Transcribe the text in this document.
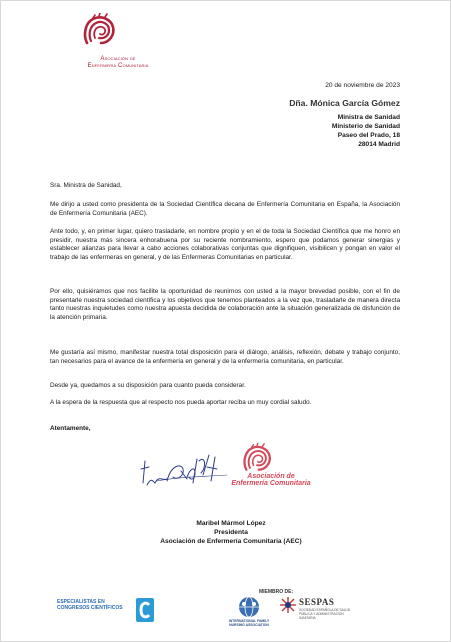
Asociación de
Enfermería Comunitaria
20 de noviembre de 2023
Dña. Mónica García Gómez
Ministra de Sanidad
Ministerio de Sanidad
Paseo del Prado, 18
28014 Madrid
Sra. Ministra de Sanidad,
Me dirijo a usted como presidenta de la Sociedad Científica decana de Enfermería Comunitaria en España, la Asociación de Enfermería Comunitaria (AEC).
Ante todo, y, en primer lugar, quiero trasladarle, en nombre propio y en el de toda la Sociedad Científica que me honro en presidir, nuestra más sincera enhorabuena por su reciente nombramiento, espero que podamos generar sinergias y establecer alianzas para llevar a cabo acciones colaborativas conjuntas que dignifiquen, visibilicen y pongan en valor el trabajo de las enfermeras en general, y de las Enfermeras Comunitarias en particular.
Por ello, quisiéramos que nos facilite la oportunidad de reunirnos con usted a la mayor brevedad posible, con el fin de presentarle nuestra sociedad científica y los objetivos que tenemos planteados a la vez que, trasladarle de manera directa tanto nuestras inquietudes como nuestra apuesta decidida de colaboración ante la situación generalizada de disfunción de la atención primaria.
Me gustaría así mismo, manifestar nuestra total disposición para el diálogo, análisis, reflexión, debate y trabajo conjunto, tan necesarios para el avance de la enfermería en general y de la enfermería comunitaria, en particular.
Desde ya, quedamos a su disposición para cuanto pueda considerar.
A la espera de la respuesta que al respecto nos pueda aportar reciba un muy cordial saludo.
Atentamente,
Asociación de
Enfermería Comunitaria
Maribel Mármol López
Presidenta
Asociación de Enfermería Comunitaria (AEC)
ESPECIALISTAS EN
CONGRESOS CIENTÍFICOS
MIEMBRO DE:
INTERNATIONAL FAMILY NURSING ASSOCIATION
SESPAS
SOCIEDAD ESPAÑOLA DE SALUD PÚBLICA Y ADMINISTRACIÓN SANITARIA
